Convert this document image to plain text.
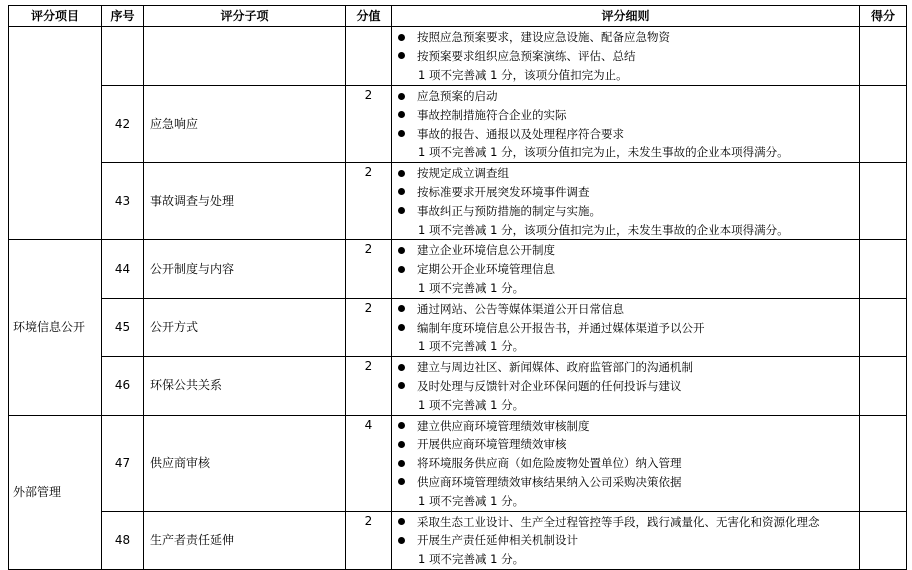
评分项目	序号	评分子项	分值	评分细则	得分

				按照应急预案要求，建设应急设施、配备应急物资
按预案要求组织应急预案演练、评估、总结
1 项不完善减 1 分，该项分值扣完为止。	

	42	应急响应	2	应急预案的启动
事故控制措施符合企业的实际
事故的报告、通报以及处理程序符合要求
1 项不完善减 1 分，该项分值扣完为止，未发生事故的企业本项得满分。	

	43	事故调查与处理	2	按规定成立调查组
按标准要求开展突发环境事件调查
事故纠正与预防措施的制定与实施。
1 项不完善减 1 分，该项分值扣完为止，未发生事故的企业本项得满分。	

环境信息公开	44	公开制度与内容	2	建立企业环境信息公开制度
定期公开企业环境管理信息
1 项不完善减 1 分。	

	45	公开方式	2	通过网站、公告等媒体渠道公开日常信息
编制年度环境信息公开报告书，并通过媒体渠道予以公开
1 项不完善减 1 分。	

	46	环保公共关系	2	建立与周边社区、新闻媒体、政府监管部门的沟通机制
及时处理与反馈针对企业环保问题的任何投诉与建议
1 项不完善减 1 分。	

外部管理	47	供应商审核	4	建立供应商环境管理绩效审核制度
开展供应商环境管理绩效审核
将环境服务供应商（如危险废物处置单位）纳入管理
供应商环境管理绩效审核结果纳入公司采购决策依据
1 项不完善减 1 分。	

	48	生产者责任延伸	2	采取生态工业设计、生产全过程管控等手段，践行减量化、无害化和资源化理念
开展生产责任延伸相关机制设计
1 项不完善减 1 分。	
